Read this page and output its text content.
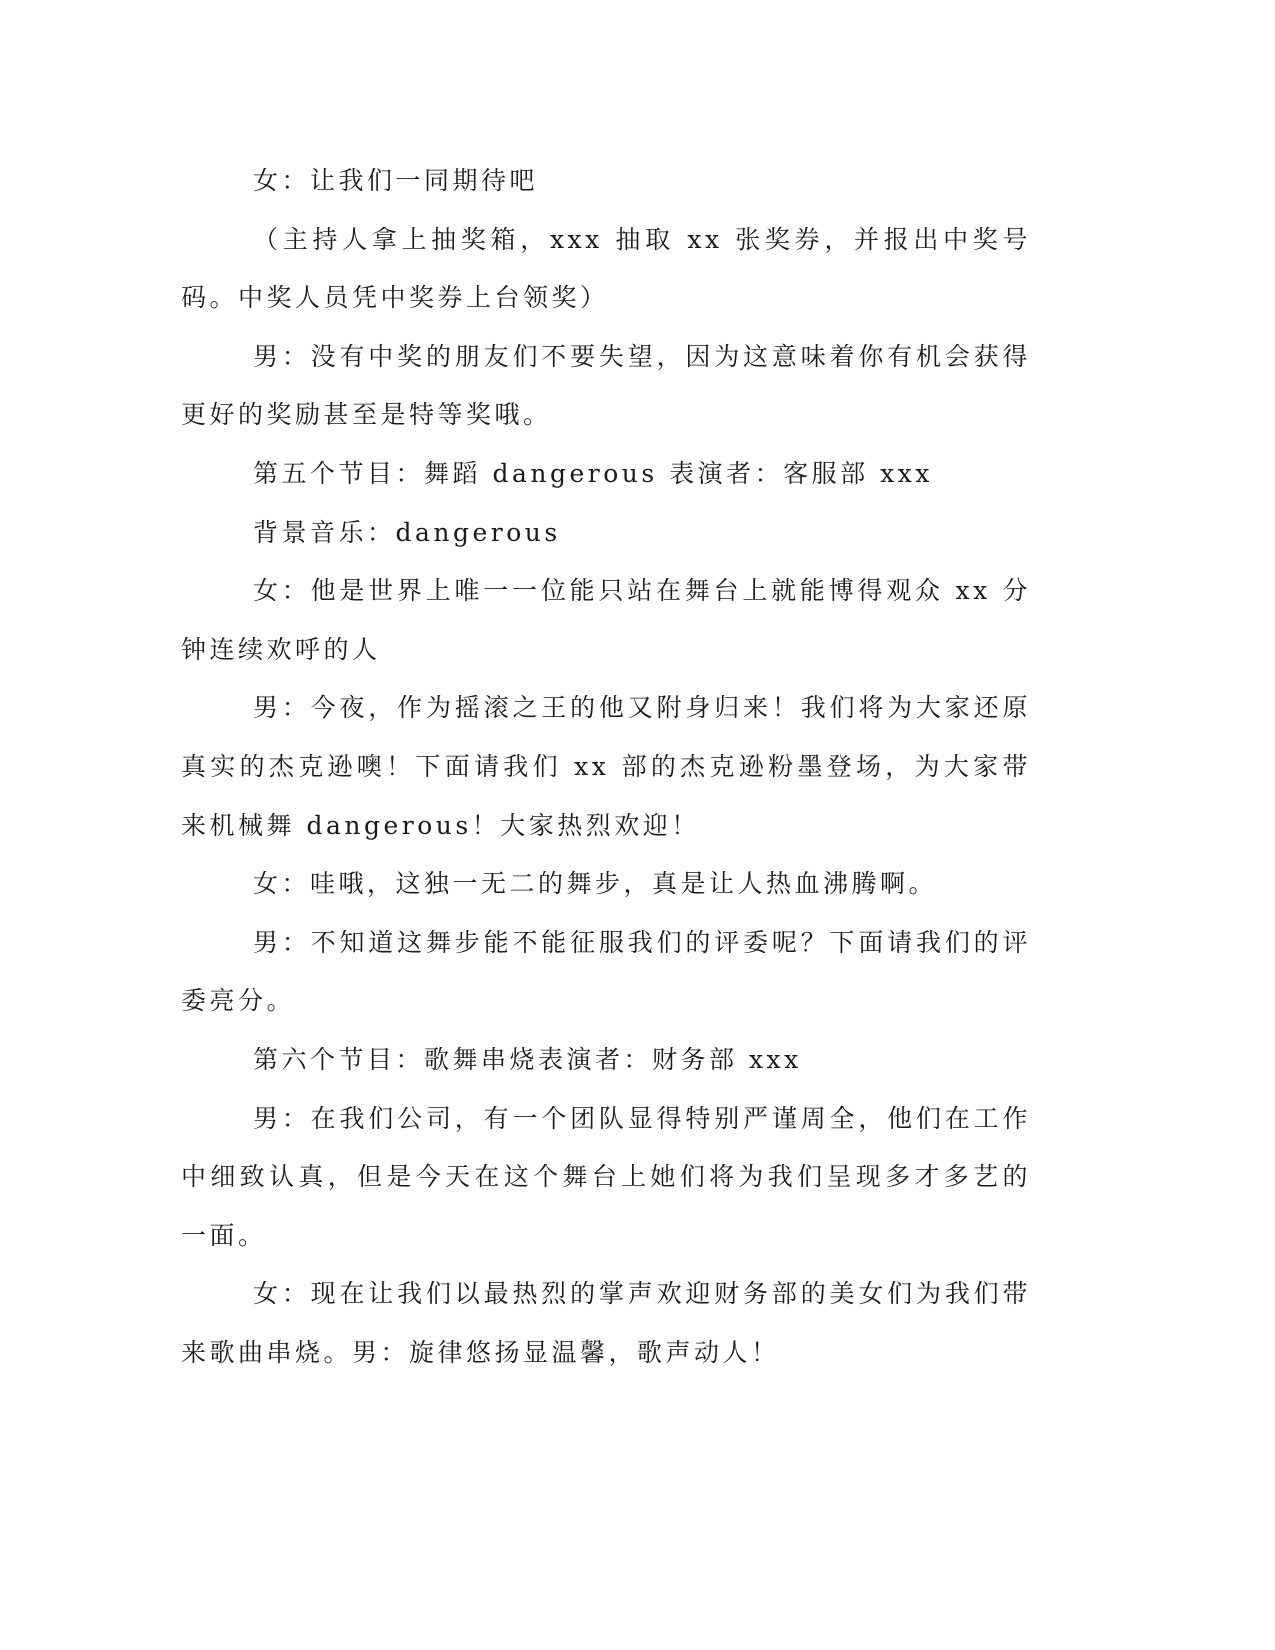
女：让我们一同期待吧

（主持人拿上抽奖箱，xxx 抽取 xx 张奖券，并报出中奖号码。中奖人员凭中奖券上台领奖）

男：没有中奖的朋友们不要失望，因为这意味着你有机会获得更好的奖励甚至是特等奖哦。

第五个节目：舞蹈 dangerous 表演者：客服部 xxx

背景音乐：dangerous

女：他是世界上唯一一位能只站在舞台上就能博得观众 xx 分钟连续欢呼的人

男：今夜，作为摇滚之王的他又附身归来！我们将为大家还原真实的杰克逊噢！下面请我们 xx 部的杰克逊粉墨登场，为大家带来机械舞 dangerous！大家热烈欢迎！

女：哇哦，这独一无二的舞步，真是让人热血沸腾啊。

男：不知道这舞步能不能征服我们的评委呢？下面请我们的评委亮分。

第六个节目：歌舞串烧表演者：财务部 xxx

男：在我们公司，有一个团队显得特别严谨周全，他们在工作中细致认真，但是今天在这个舞台上她们将为我们呈现多才多艺的一面。

女：现在让我们以最热烈的掌声欢迎财务部的美女们为我们带来歌曲串烧。男：旋律悠扬显温馨，歌声动人！
